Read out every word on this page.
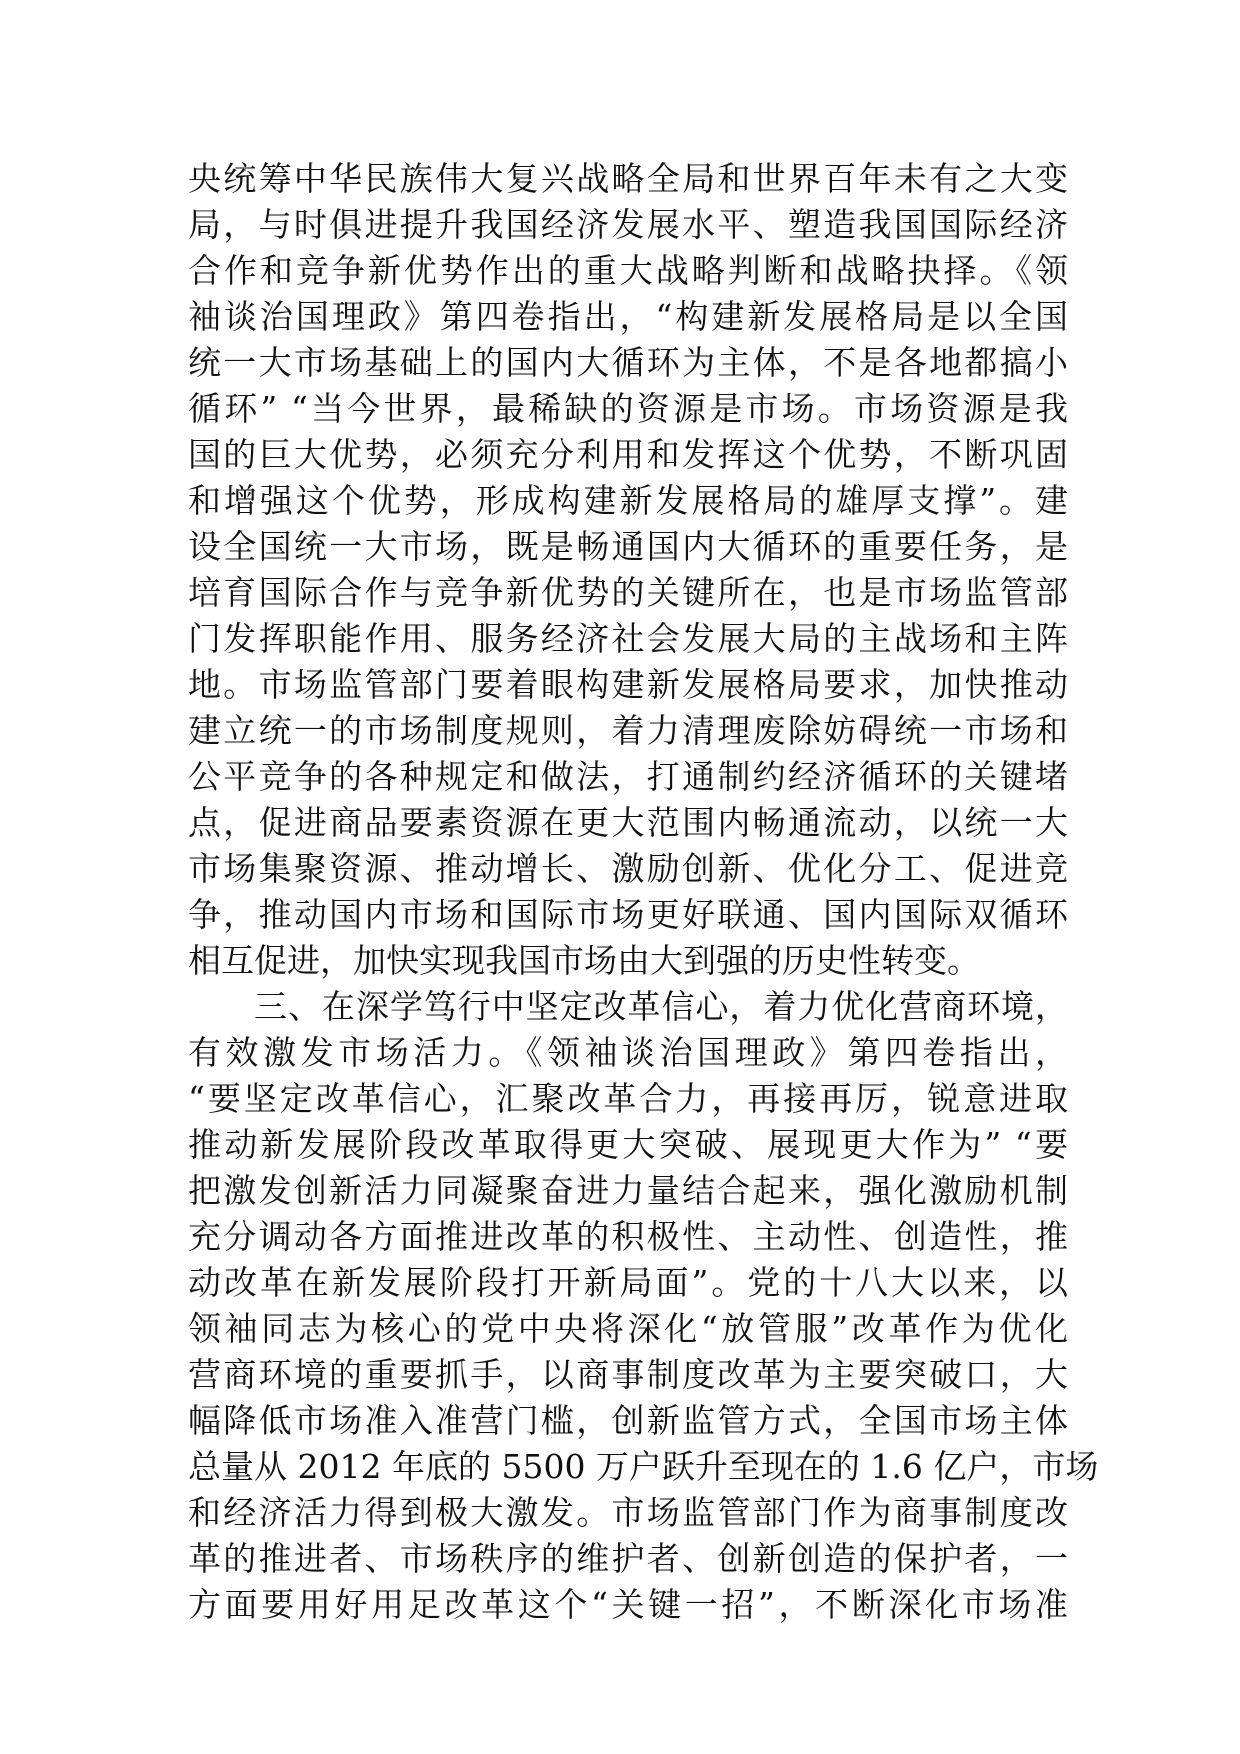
央统筹中华民族伟大复兴战略全局和世界百年未有之大变
局，与时俱进提升我国经济发展水平、塑造我国国际经济
合作和竞争新优势作出的重大战略判断和战略抉择。《领
袖谈治国理政》第四卷指出，“构建新发展格局是以全国
统一大市场基础上的国内大循环为主体，不是各地都搞小
循环” “当今世界，最稀缺的资源是市场。市场资源是我
国的巨大优势，必须充分利用和发挥这个优势，不断巩固
和增强这个优势，形成构建新发展格局的雄厚支撑”。建
设全国统一大市场，既是畅通国内大循环的重要任务，是
培育国际合作与竞争新优势的关键所在，也是市场监管部
门发挥职能作用、服务经济社会发展大局的主战场和主阵
地。市场监管部门要着眼构建新发展格局要求，加快推动
建立统一的市场制度规则，着力清理废除妨碍统一市场和
公平竞争的各种规定和做法，打通制约经济循环的关键堵
点，促进商品要素资源在更大范围内畅通流动，以统一大
市场集聚资源、推动增长、激励创新、优化分工、促进竞
争，推动国内市场和国际市场更好联通、国内国际双循环
相互促进，加快实现我国市场由大到强的历史性转变。
三、在深学笃行中坚定改革信心，着力优化营商环境，
有效激发市场活力。《领袖谈治国理政》第四卷指出，
“要坚定改革信心，汇聚改革合力，再接再厉，锐意进取
推动新发展阶段改革取得更大突破、展现更大作为” “要
把激发创新活力同凝聚奋进力量结合起来，强化激励机制
充分调动各方面推进改革的积极性、主动性、创造性，推
动改革在新发展阶段打开新局面”。党的十八大以来，以
领袖同志为核心的党中央将深化“放管服”改革作为优化
营商环境的重要抓手，以商事制度改革为主要突破口，大
幅降低市场准入准营门槛，创新监管方式，全国市场主体
总量从 2012 年底的 5500 万户跃升至现在的 1.6 亿户，市场
和经济活力得到极大激发。市场监管部门作为商事制度改
革的推进者、市场秩序的维护者、创新创造的保护者，一
方面要用好用足改革这个“关键一招”，不断深化市场准
